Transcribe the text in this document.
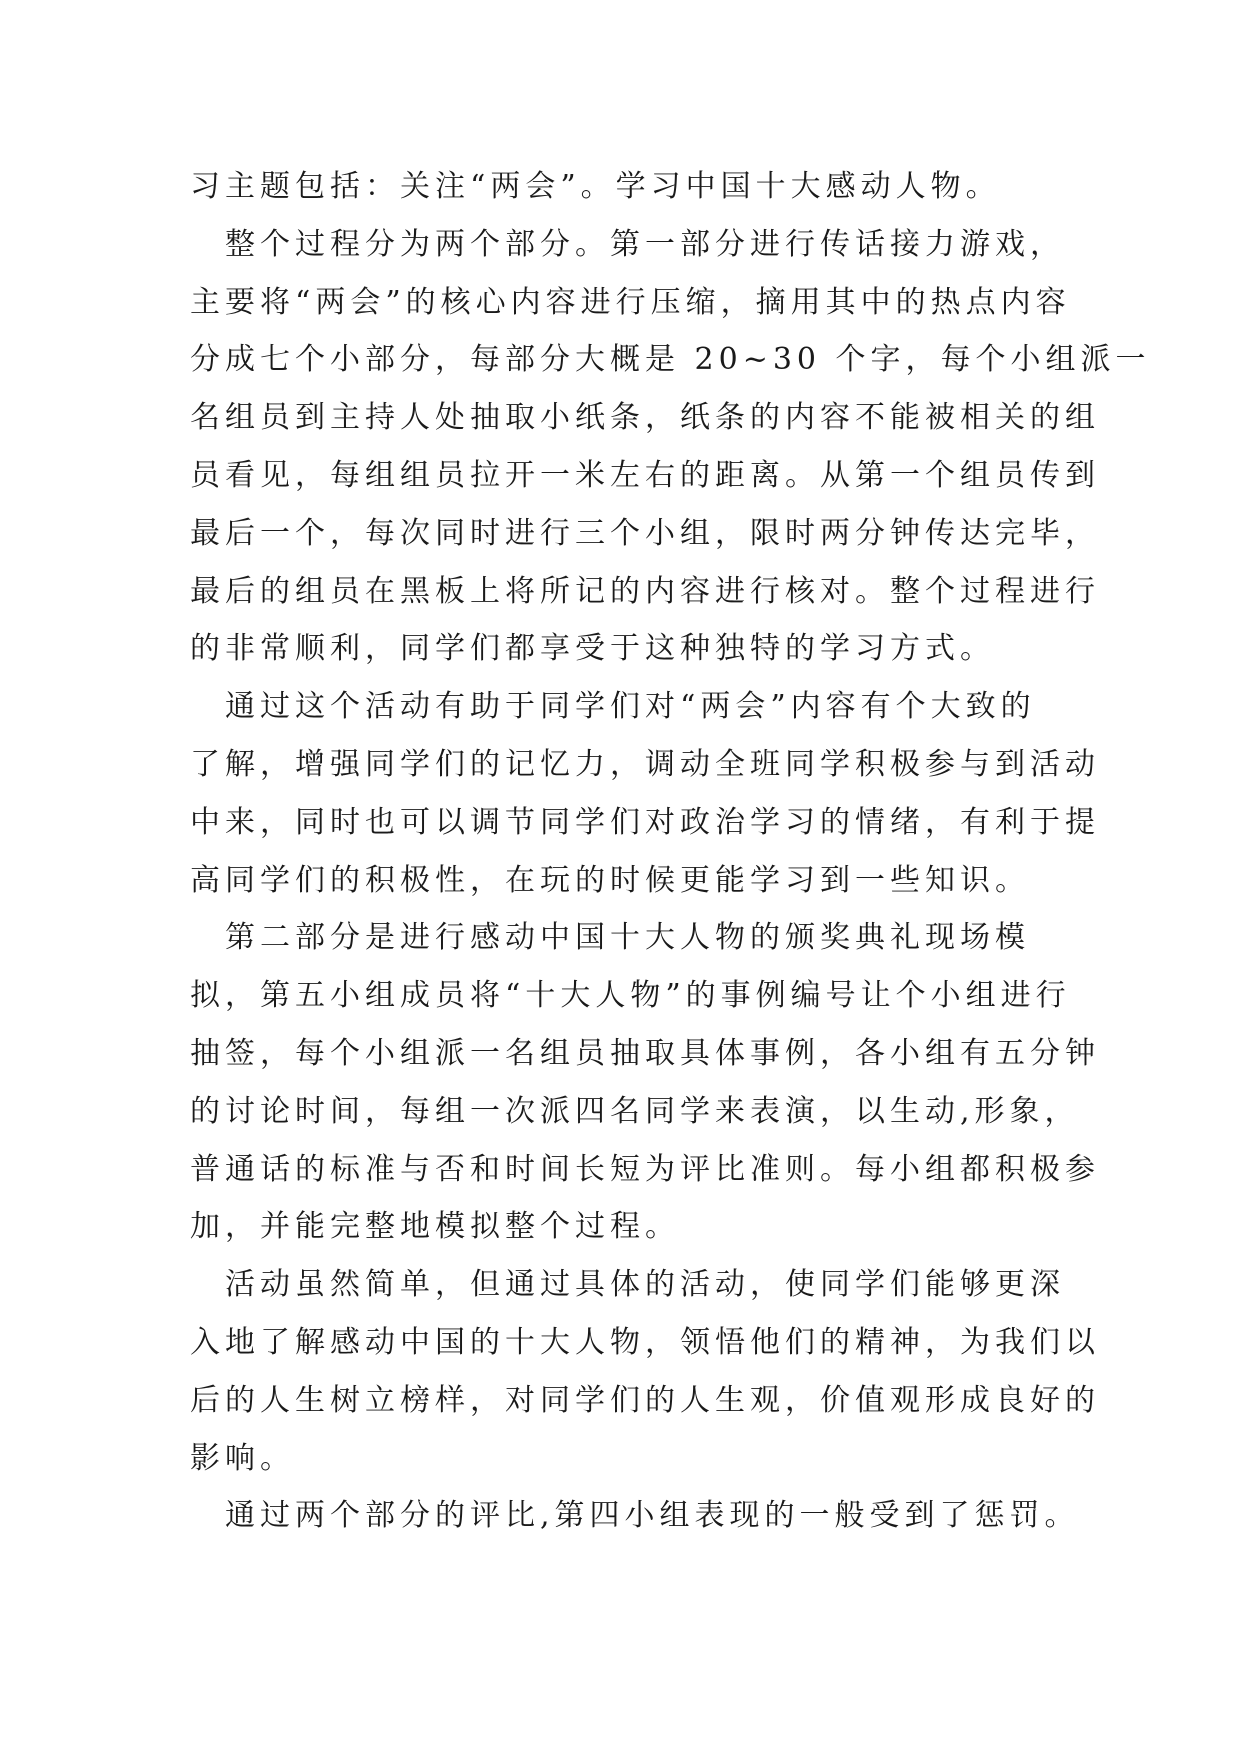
习主题包括：关注“两会”。学习中国十大感动人物。
　整个过程分为两个部分。第一部分进行传话接力游戏，
主要将“两会”的核心内容进行压缩，摘用其中的热点内容
分成七个小部分，每部分大概是 20~30 个字，每个小组派一
名组员到主持人处抽取小纸条，纸条的内容不能被相关的组
员看见，每组组员拉开一米左右的距离。从第一个组员传到
最后一个，每次同时进行三个小组，限时两分钟传达完毕，
最后的组员在黑板上将所记的内容进行核对。整个过程进行
的非常顺利，同学们都享受于这种独特的学习方式。
　通过这个活动有助于同学们对“两会”内容有个大致的
了解，增强同学们的记忆力，调动全班同学积极参与到活动
中来，同时也可以调节同学们对政治学习的情绪，有利于提
高同学们的积极性，在玩的时候更能学习到一些知识。
　第二部分是进行感动中国十大人物的颁奖典礼现场模
拟，第五小组成员将“十大人物”的事例编号让个小组进行
抽签，每个小组派一名组员抽取具体事例，各小组有五分钟
的讨论时间，每组一次派四名同学来表演，以生动,形象，
普通话的标准与否和时间长短为评比准则。每小组都积极参
加，并能完整地模拟整个过程。
　活动虽然简单，但通过具体的活动，使同学们能够更深
入地了解感动中国的十大人物，领悟他们的精神，为我们以
后的人生树立榜样，对同学们的人生观，价值观形成良好的
影响。
　通过两个部分的评比,第四小组表现的一般受到了惩罚。
